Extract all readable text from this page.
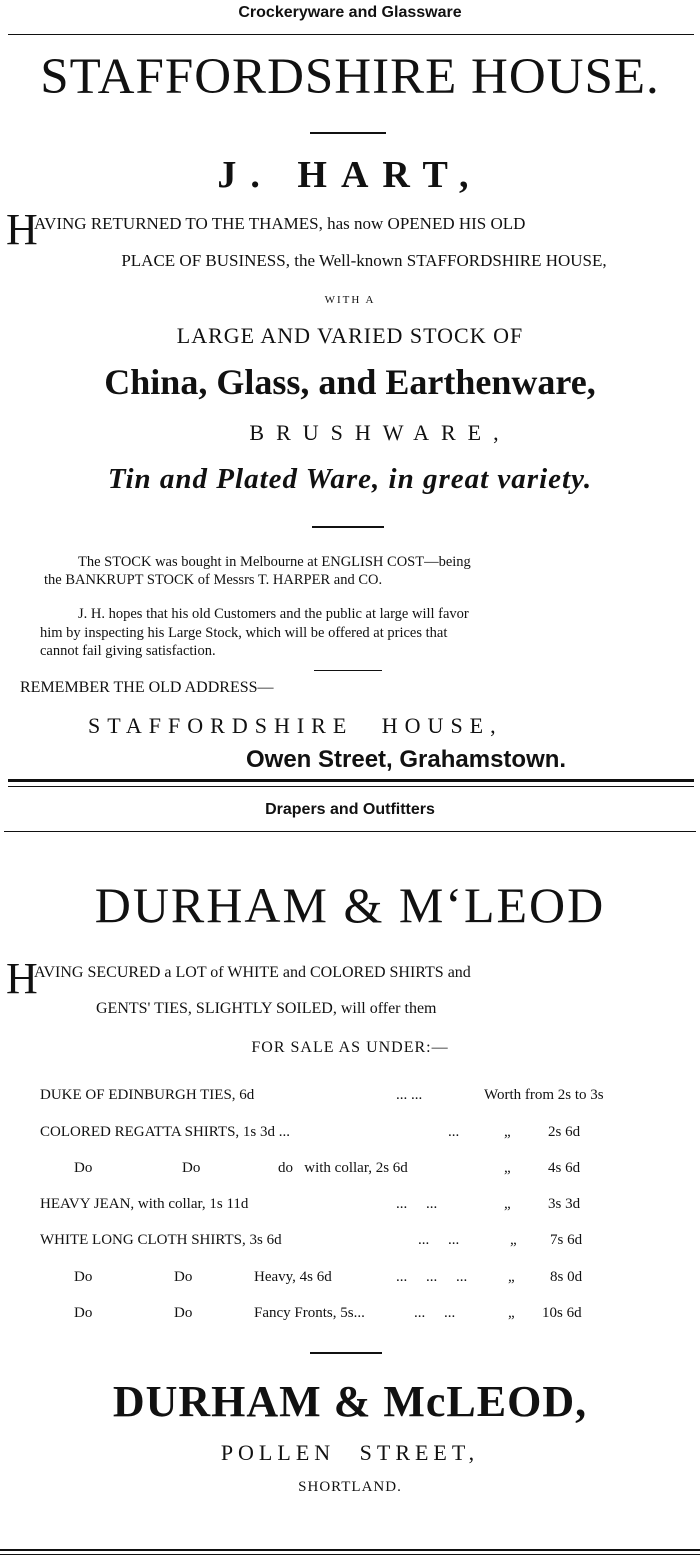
Crockeryware and Glassware
STAFFORDSHIRE HOUSE.
J. HART,
H
AVING RETURNED TO THE THAMES, has now OPENED HIS OLD
PLACE OF BUSINESS, the Well-known STAFFORDSHIRE HOUSE,
WITH A
LARGE AND VARIED STOCK OF
China, Glass, and Earthenware,
BRUSHWARE,
Tin and Plated Ware, in great variety.
The STOCK was bought in Melbourne at ENGLISH COST—being
the BANKRUPT STOCK of Messrs T. HARPER and CO.
J. H. hopes that his old Customers and the public at large will favor
him by inspecting his Large Stock, which will be offered at prices that
cannot fail giving satisfaction.
REMEMBER THE OLD ADDRESS—
STAFFORDSHIRE HOUSE,
Owen Street, Grahamstown.
Drapers and Outfitters
DURHAM & M‘LEOD
H
AVING SECURED a LOT of WHITE and COLORED SHIRTS and
GENTS' TIES, SLIGHTLY SOILED, will offer them
FOR SALE AS UNDER:—
DUKE OF EDINBURGH TIES, 6d	... ...	Worth from 2s to 3s
COLORED REGATTA SHIRTS, 1s 3d ...	...	„ 2s 6d
Do	Do	do   with collar, 2s 6d	„ 4s 6d
HEAVY JEAN, with collar, 1s 11d	...     ...	„ 3s 3d
WHITE LONG CLOTH SHIRTS, 3s 6d	...     ...	„ 7s 6d
Do	Do	Heavy, 4s 6d	...     ...     ...	„ 8s 0d
Do	Do	Fancy Fronts, 5s...	...     ...	„ 10s 6d
DURHAM & McLEOD,
POLLEN STREET,
SHORTLAND.
